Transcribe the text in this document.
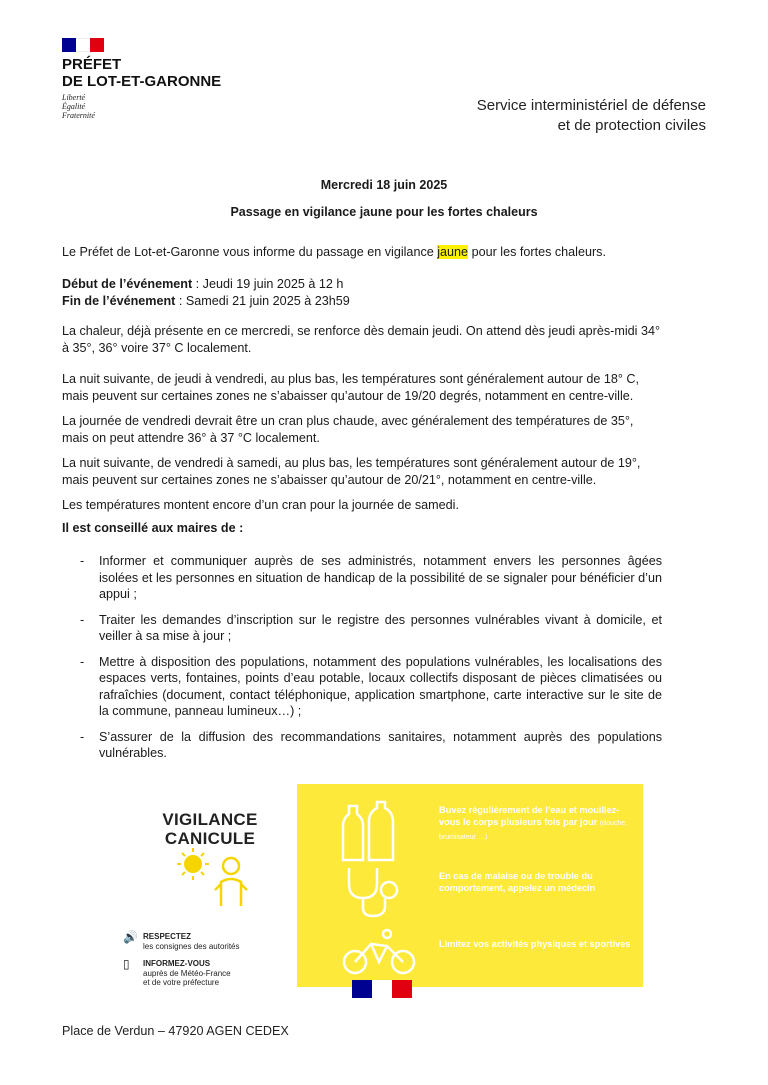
PRÉFET
DE LOT-ET-GARONNE
Liberté
Égalité
Fraternité
Service interministériel de défense
et de protection civiles
Mercredi 18 juin 2025
Passage en vigilance jaune pour les fortes chaleurs
Le Préfet de Lot-et-Garonne vous informe du passage en vigilance jaune pour les fortes chaleurs.
Début de l’événement : Jeudi 19 juin 2025 à 12 h
Fin de l’événement : Samedi 21 juin 2025 à 23h59
La chaleur, déjà présente en ce mercredi, se renforce dès demain jeudi. On attend dès jeudi après-midi 34° à 35°, 36° voire 37° C localement.
La nuit suivante, de jeudi à vendredi, au plus bas, les températures sont généralement autour de 18° C, mais peuvent sur certaines zones ne s’abaisser qu’autour de 19/20 degrés, notamment en centre-ville.
La journée de vendredi devrait être un cran plus chaude, avec généralement des températures de 35°, mais on peut attendre 36° à 37 °C localement.
La nuit suivante, de vendredi à samedi, au plus bas, les températures sont généralement autour de 19°, mais peuvent sur certaines zones ne s’abaisser qu’autour de 20/21°, notamment en centre-ville.
Les températures montent encore d’un cran pour la journée de samedi.
Il est conseillé aux maires de :
- Informer et communiquer auprès de ses administrés, notamment envers les personnes âgées isolées et les personnes en situation de handicap de la possibilité de se signaler pour bénéficier d’un appui ;
- Traiter les demandes d’inscription sur le registre des personnes vulnérables vivant à domicile, et veiller à sa mise à jour ;
- Mettre à disposition des populations, notamment des populations vulnérables, les localisations des espaces verts, fontaines, points d’eau potable, locaux collectifs disposant de pièces climatisées ou rafraîchies (document, contact téléphonique, application smartphone, carte interactive sur le site de la commune, panneau lumineux…) ;
- S’assurer de la diffusion des recommandations sanitaires, notamment auprès des populations vulnérables.
VIGILANCE
CANICULE
🔊 RESPECTEZ
les consignes des autorités
▯	INFORMEZ-VOUS
auprès de Météo-France
et de votre préfecture
Buvez régulièrement de l’eau et mouillez-vous le corps plusieurs fois par jour (douche, brumisateur …)
En cas de malaise ou de trouble du comportement, appelez un médecin
Limitez vos activités physiques et sportives
Place de Verdun – 47920 AGEN CEDEX
